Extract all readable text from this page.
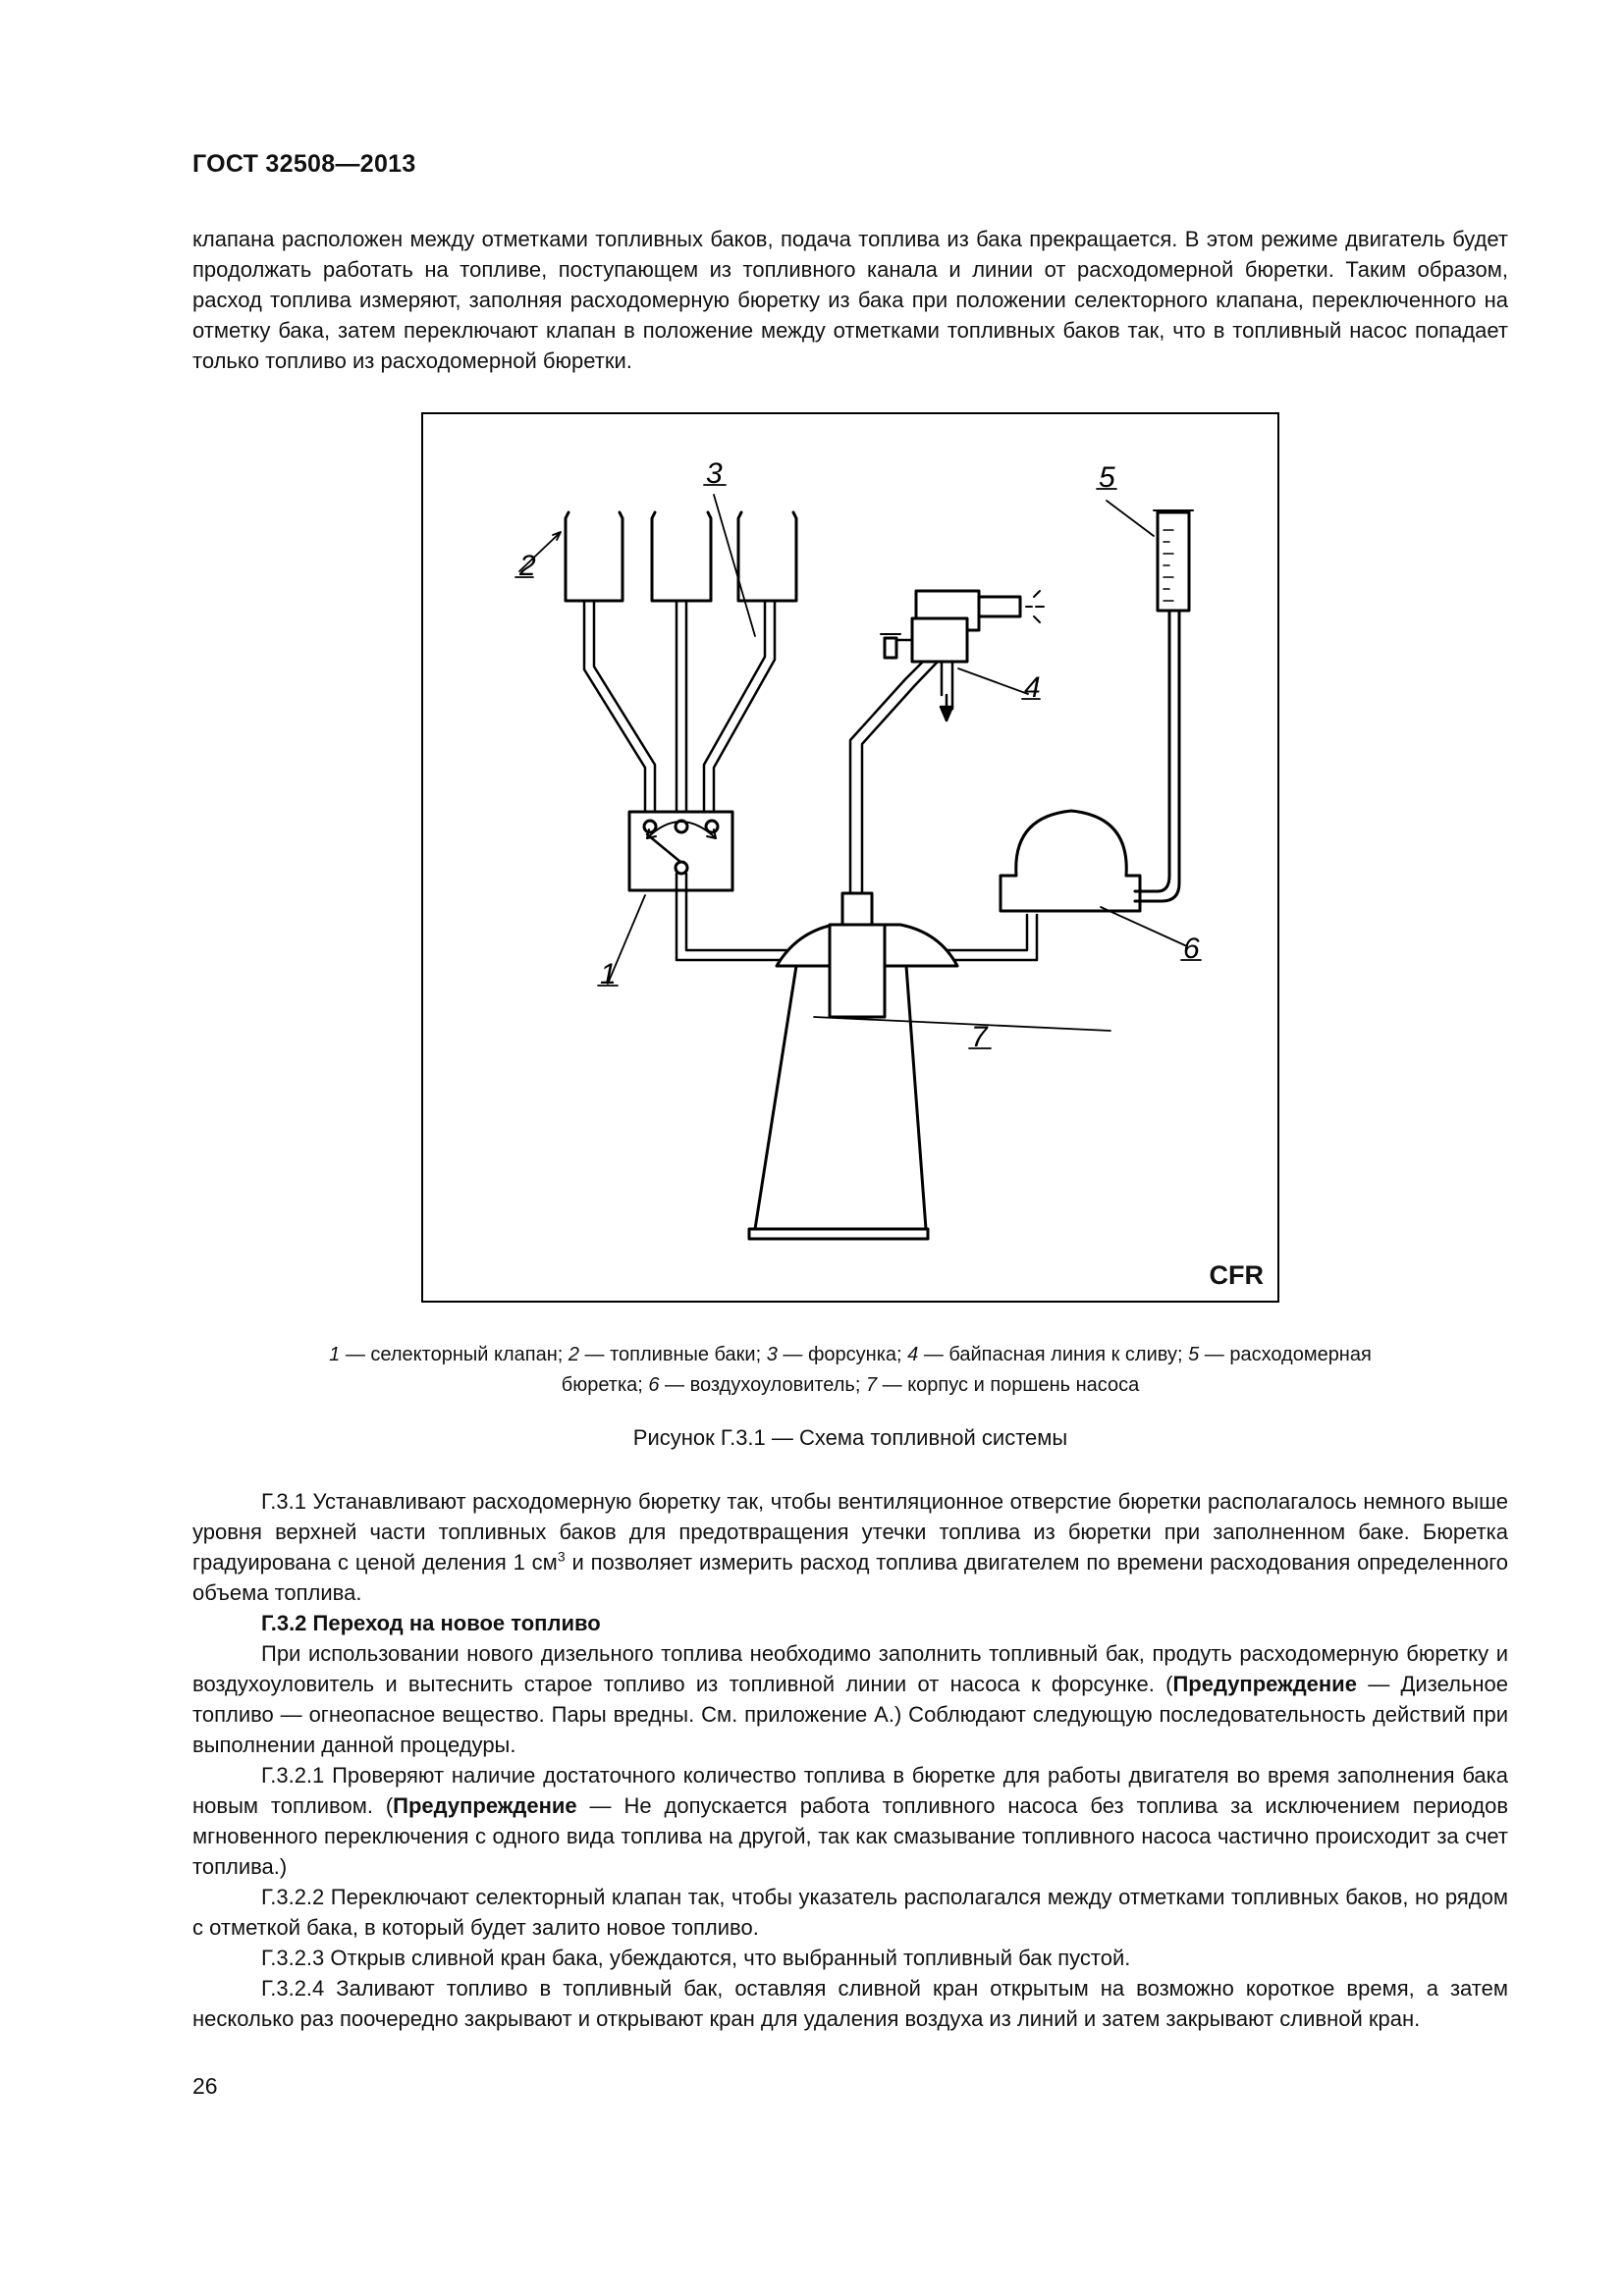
ГОСТ 32508—2013

клапана расположен между отметками топливных баков, подача топлива из бака прекращается. В этом режиме двигатель будет продолжать работать на топливе, поступающем из топливного канала и линии от расходомерной бюретки. Таким образом, расход топлива измеряют, заполняя расходомерную бюретку из бака при положении селекторного клапана, переключенного на отметку бака, затем переключают клапан в положение между отметками топливных баков так, что в топливный насос попадает только топливо из расходомерной бюретки.

2
1
3
4
5
6
7
CFR
1 — селекторный клапан; 2 — топливные баки; 3 — форсунка; 4 — байпасная линия к сливу; 5 — расходомерная бюретка; 6 — воздухоуловитель; 7 — корпус и поршень насоса
Рисунок Г.3.1 — Схема топливной системы

Г.3.1 Устанавливают расходомерную бюретку так, чтобы вентиляционное отверстие бюретки располагалось немного выше уровня верхней части топливных баков для предотвращения утечки топлива из бюретки при заполненном баке. Бюретка градуирована с ценой деления 1 $см^3$ и позволяет измерить расход топлива двигателем по времени расходования определенного объема топлива.

Г.3.2 Переход на новое топливо

При использовании нового дизельного топлива необходимо заполнить топливный бак, продуть расходомерную бюретку и воздухоуловитель и вытеснить старое топливо из топливной линии от насоса к форсунке. (Предупреждение — Дизельное топливо — огнеопасное вещество. Пары вредны. См. приложение А.) Соблюдают следующую последовательность действий при выполнении данной процедуры.

Г.3.2.1 Проверяют наличие достаточного количество топлива в бюретке для работы двигателя во время заполнения бака новым топливом. (Предупреждение — Не допускается работа топливного насоса без топлива за исключением периодов мгновенного переключения с одного вида топлива на другой, так как смазывание топливного насоса частично происходит за счет топлива.)

Г.3.2.2 Переключают селекторный клапан так, чтобы указатель располагался между отметками топливных баков, но рядом с отметкой бака, в который будет залито новое топливо.

Г.3.2.3 Открыв сливной кран бака, убеждаются, что выбранный топливный бак пустой.

Г.3.2.4 Заливают топливо в топливный бак, оставляя сливной кран открытым на возможно короткое время, а затем несколько раз поочередно закрывают и открывают кран для удаления воздуха из линий и затем закрывают сливной кран.

26
